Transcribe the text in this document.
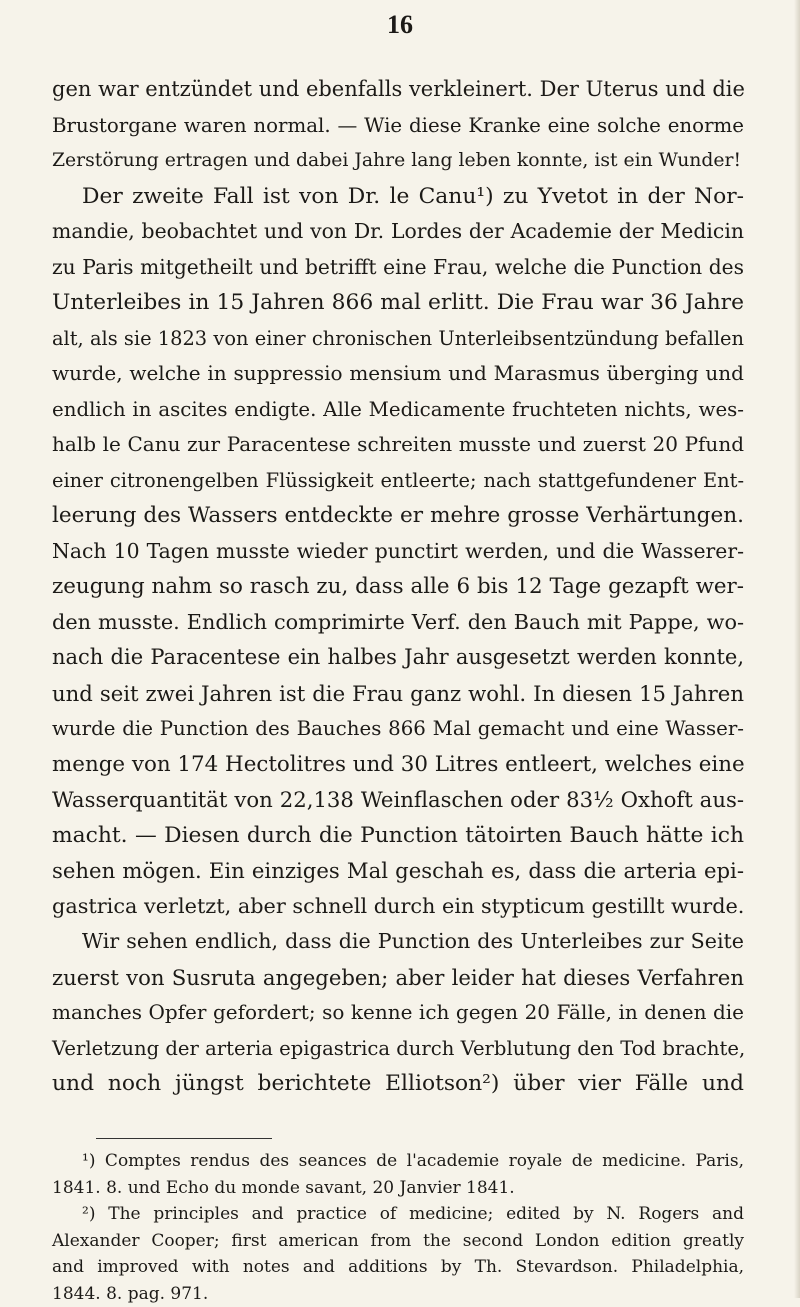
16
gen war entzündet und ebenfalls verkleinert. Der Uterus und die
Brustorgane waren normal. — Wie diese Kranke eine solche enorme
Zerstörung ertragen und dabei Jahre lang leben konnte, ist ein Wunder!
Der zweite Fall ist von Dr. le Canu¹) zu Yvetot in der Nor-
mandie, beobachtet und von Dr. Lordes der Academie der Medicin
zu Paris mitgetheilt und betrifft eine Frau, welche die Punction des
Unterleibes in 15 Jahren 866 mal erlitt. Die Frau war 36 Jahre
alt, als sie 1823 von einer chronischen Unterleibsentzündung befallen
wurde, welche in suppressio mensium und Marasmus überging und
endlich in ascites endigte. Alle Medicamente fruchteten nichts, wes-
halb le Canu zur Paracentese schreiten musste und zuerst 20 Pfund
einer citronengelben Flüssigkeit entleerte; nach stattgefundener Ent-
leerung des Wassers entdeckte er mehre grosse Verhärtungen.
Nach 10 Tagen musste wieder punctirt werden, und die Wasserer-
zeugung nahm so rasch zu, dass alle 6 bis 12 Tage gezapft wer-
den musste. Endlich comprimirte Verf. den Bauch mit Pappe, wo-
nach die Paracentese ein halbes Jahr ausgesetzt werden konnte,
und seit zwei Jahren ist die Frau ganz wohl. In diesen 15 Jahren
wurde die Punction des Bauches 866 Mal gemacht und eine Wasser-
menge von 174 Hectolitres und 30 Litres entleert, welches eine
Wasserquantität von 22,138 Weinflaschen oder 83½ Oxhoft aus-
macht. — Diesen durch die Punction tätoirten Bauch hätte ich
sehen mögen. Ein einziges Mal geschah es, dass die arteria epi-
gastrica verletzt, aber schnell durch ein stypticum gestillt wurde.
Wir sehen endlich, dass die Punction des Unterleibes zur Seite
zuerst von Susruta angegeben; aber leider hat dieses Verfahren
manches Opfer gefordert; so kenne ich gegen 20 Fälle, in denen die
Verletzung der arteria epigastrica durch Verblutung den Tod brachte,
und noch jüngst berichtete Elliotson²) über vier Fälle und
¹) Comptes rendus des seances de l'academie royale de medicine. Paris,
1841. 8. und Echo du monde savant, 20 Janvier 1841.
²) The principles and practice of medicine; edited by N. Rogers and
Alexander Cooper; first american from the second London edition greatly
and improved with notes and additions by Th. Stevardson. Philadelphia,
1844. 8. pag. 971.
